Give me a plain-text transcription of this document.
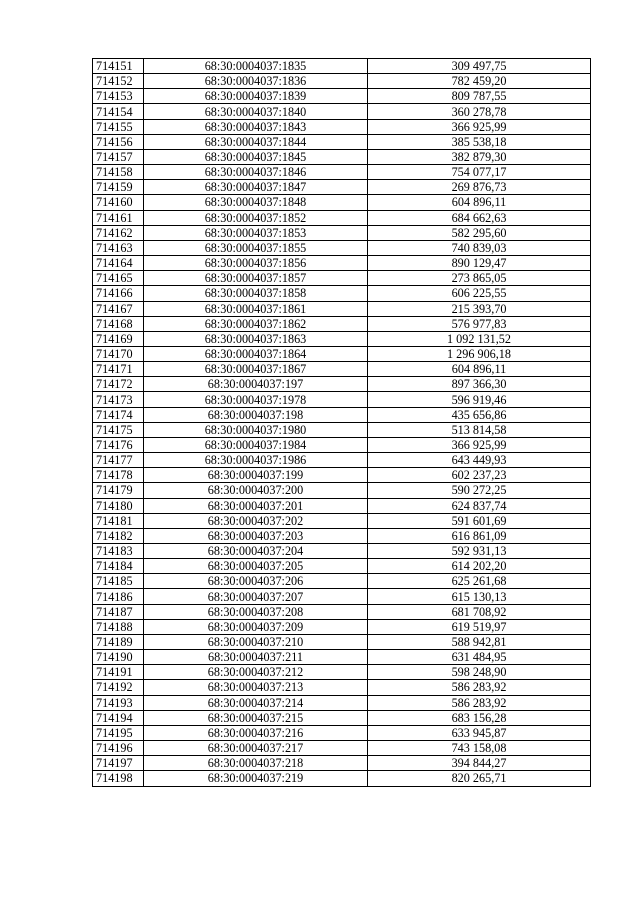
714151	68:30:0004037:1835	309 497,75
714152	68:30:0004037:1836	782 459,20
714153	68:30:0004037:1839	809 787,55
714154	68:30:0004037:1840	360 278,78
714155	68:30:0004037:1843	366 925,99
714156	68:30:0004037:1844	385 538,18
714157	68:30:0004037:1845	382 879,30
714158	68:30:0004037:1846	754 077,17
714159	68:30:0004037:1847	269 876,73
714160	68:30:0004037:1848	604 896,11
714161	68:30:0004037:1852	684 662,63
714162	68:30:0004037:1853	582 295,60
714163	68:30:0004037:1855	740 839,03
714164	68:30:0004037:1856	890 129,47
714165	68:30:0004037:1857	273 865,05
714166	68:30:0004037:1858	606 225,55
714167	68:30:0004037:1861	215 393,70
714168	68:30:0004037:1862	576 977,83
714169	68:30:0004037:1863	1 092 131,52
714170	68:30:0004037:1864	1 296 906,18
714171	68:30:0004037:1867	604 896,11
714172	68:30:0004037:197	897 366,30
714173	68:30:0004037:1978	596 919,46
714174	68:30:0004037:198	435 656,86
714175	68:30:0004037:1980	513 814,58
714176	68:30:0004037:1984	366 925,99
714177	68:30:0004037:1986	643 449,93
714178	68:30:0004037:199	602 237,23
714179	68:30:0004037:200	590 272,25
714180	68:30:0004037:201	624 837,74
714181	68:30:0004037:202	591 601,69
714182	68:30:0004037:203	616 861,09
714183	68:30:0004037:204	592 931,13
714184	68:30:0004037:205	614 202,20
714185	68:30:0004037:206	625 261,68
714186	68:30:0004037:207	615 130,13
714187	68:30:0004037:208	681 708,92
714188	68:30:0004037:209	619 519,97
714189	68:30:0004037:210	588 942,81
714190	68:30:0004037:211	631 484,95
714191	68:30:0004037:212	598 248,90
714192	68:30:0004037:213	586 283,92
714193	68:30:0004037:214	586 283,92
714194	68:30:0004037:215	683 156,28
714195	68:30:0004037:216	633 945,87
714196	68:30:0004037:217	743 158,08
714197	68:30:0004037:218	394 844,27
714198	68:30:0004037:219	820 265,71
